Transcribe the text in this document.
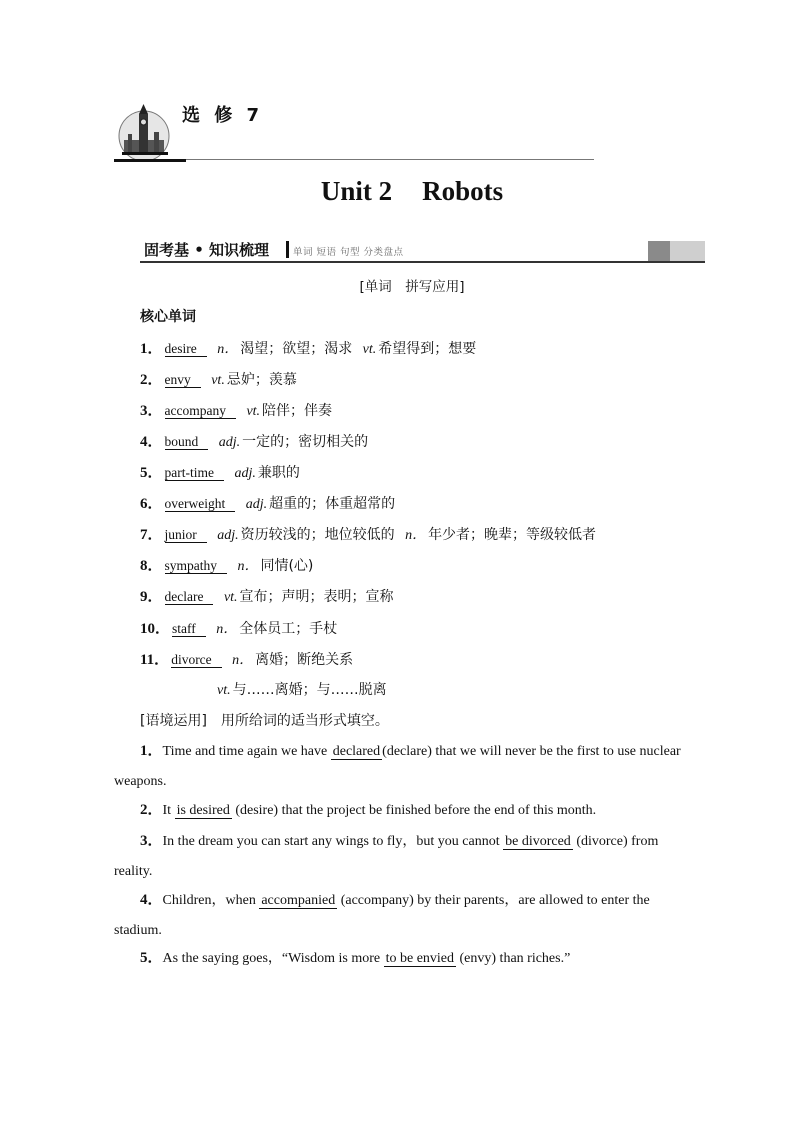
选 修 7
Unit 2 Robots
固考基 • 知识梳理	单词 短语 句型 分类盘点
[单词　拼写应用]
核心单词
1． desire n． 渴望；欲望；渴求 vt. 希望得到；想要
2． envy vt. 忌妒；羡慕
3． accompany vt. 陪伴；伴奏
4． bound adj. 一定的；密切相关的
5． part-time adj. 兼职的
6． overweight adj. 超重的；体重超常的
7． junior adj. 资历较浅的；地位较低的 n． 年少者；晚辈；等级较低者
8． sympathy n． 同情(心)
9． declare vt. 宣布；声明；表明；宣称
10． staff n． 全体员工；手杖
11． divorce n． 离婚；断绝关系
vt. 与……离婚；与……脱离
[语境运用]　用所给词的适当形式填空。
1．Time and time again we have declared (declare) that we will never be the first to use nuclear weapons.
2．It is desired (desire) that the project be finished before the end of this month.
3．In the dream you can start any wings to fly，but you cannot be divorced (divorce) from reality.
4．Children，when accompanied (accompany) by their parents，are allowed to enter the stadium.
5．As the saying goes，“Wisdom is more to be envied (envy) than riches.”
